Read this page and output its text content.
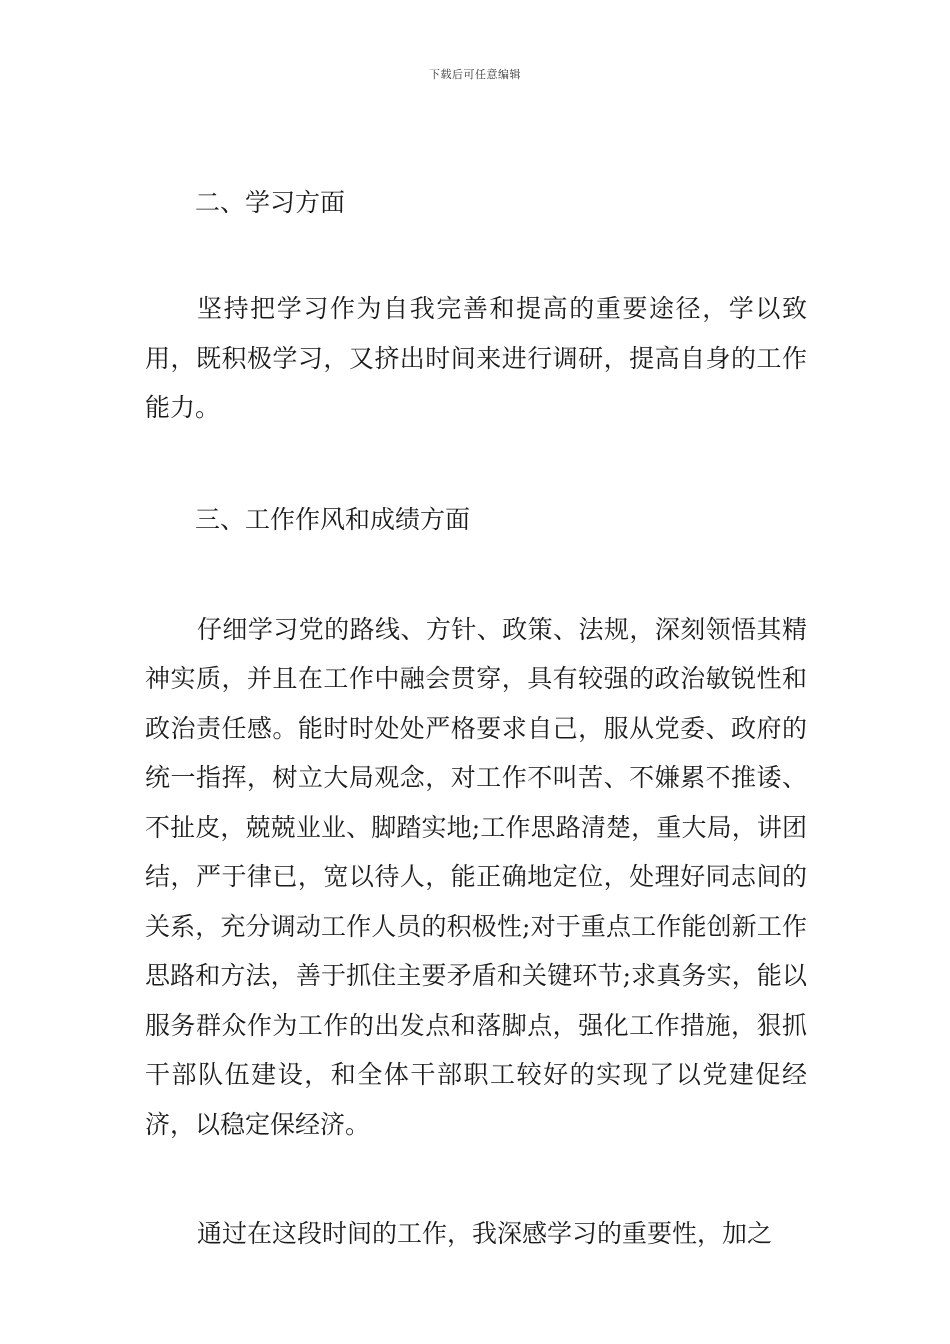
下载后可任意编辑
二、学习方面

坚持把学习作为自我完善和提高的重要途径，学以致用，既积极学习，又挤出时间来进行调研，提高自身的工作能力。

三、工作作风和成绩方面

仔细学习党的路线、方针、政策、法规，深刻领悟其精神实质，并且在工作中融会贯穿，具有较强的政治敏锐性和政治责任感。能时时处处严格要求自己，服从党委、政府的统一指挥，树立大局观念，对工作不叫苦、不嫌累不推诿、不扯皮，兢兢业业、脚踏实地;工作思路清楚，重大局，讲团结，严于律已，宽以待人，能正确地定位，处理好同志间的关系，充分调动工作人员的积极性;对于重点工作能创新工作思路和方法，善于抓住主要矛盾和关键环节;求真务实，能以服务群众作为工作的出发点和落脚点，强化工作措施，狠抓干部队伍建设，和全体干部职工较好的实现了以党建促经济，以稳定保经济。

通过在这段时间的工作，我深感学习的重要性，加之
